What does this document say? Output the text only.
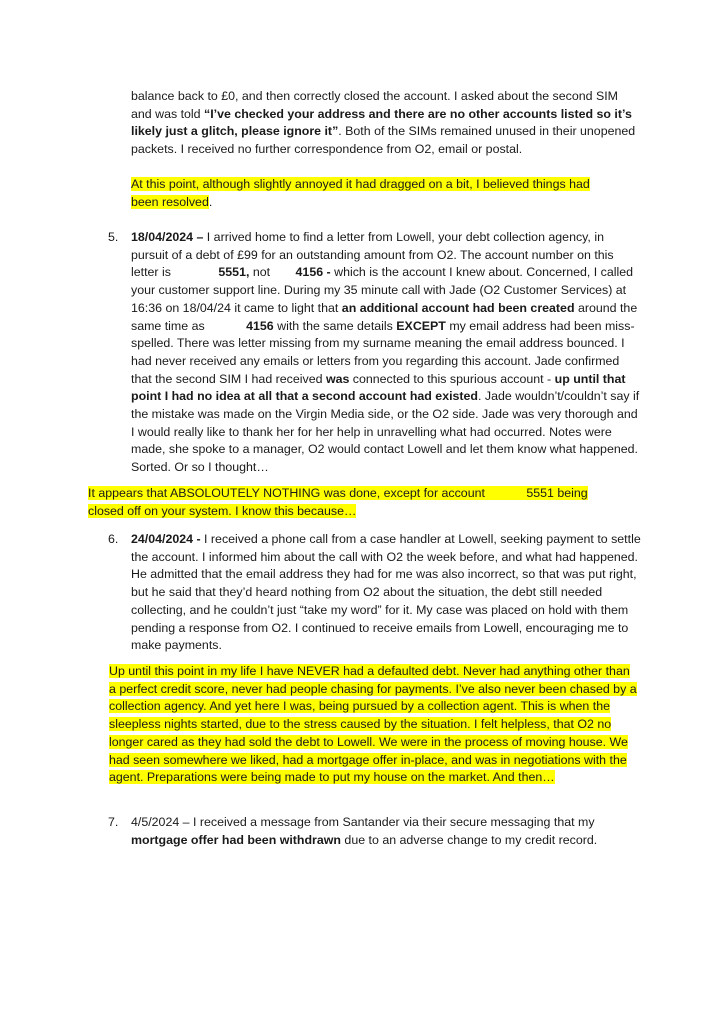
balance back to £0, and then correctly closed the account. I asked about the second SIM and was told “I’ve checked your address and there are no other accounts listed so it’s likely just a glitch, please ignore it”. Both of the SIMs remained unused in their unopened packets. I received no further correspondence from O2, email or postal.

At this point, although slightly annoyed it had dragged on a bit, I believed things had been resolved.

5. 18/04/2024 – I arrived home to find a letter from Lowell, your debt collection agency, in pursuit of a debt of £99 for an outstanding amount from O2. The account number on this letter is	5551, not 4156 - which is the account I knew about. Concerned, I called your customer support line. During my 35 minute call with Jade (O2 Customer Services) at 16:36 on 18/04/24 it came to light that an additional account had been created around the same time as	4156 with the same details EXCEPT my email address had been miss-spelled. There was letter missing from my surname meaning the email address bounced. I had never received any emails or letters from you regarding this account. Jade confirmed that the second SIM I had received was connected to this spurious account - up until that point I had no idea at all that a second account had existed. Jade wouldn’t/couldn’t say if the mistake was made on the Virgin Media side, or the O2 side. Jade was very thorough and I would really like to thank her for her help in unravelling what had occurred. Notes were made, she spoke to a manager, O2 would contact Lowell and let them know what happened. Sorted. Or so I thought…

It appears that ABSOLOUTELY NOTHING was done, except for account	5551 being closed off on your system. I know this because…

6. 24/04/2024 - I received a phone call from a case handler at Lowell, seeking payment to settle the account. I informed him about the call with O2 the week before, and what had happened. He admitted that the email address they had for me was also incorrect, so that was put right, but he said that they’d heard nothing from O2 about the situation, the debt still needed collecting, and he couldn’t just “take my word” for it. My case was placed on hold with them pending a response from O2. I continued to receive emails from Lowell, encouraging me to make payments.

Up until this point in my life I have NEVER had a defaulted debt. Never had anything other than a perfect credit score, never had people chasing for payments. I’ve also never been chased by a collection agency. And yet here I was, being pursued by a collection agent. This is when the sleepless nights started, due to the stress caused by the situation. I felt helpless, that O2 no longer cared as they had sold the debt to Lowell. We were in the process of moving house. We had seen somewhere we liked, had a mortgage offer in-place, and was in negotiations with the agent. Preparations were being made to put my house on the market. And then…

7. 4/5/2024 – I received a message from Santander via their secure messaging that my mortgage offer had been withdrawn due to an adverse change to my credit record.
